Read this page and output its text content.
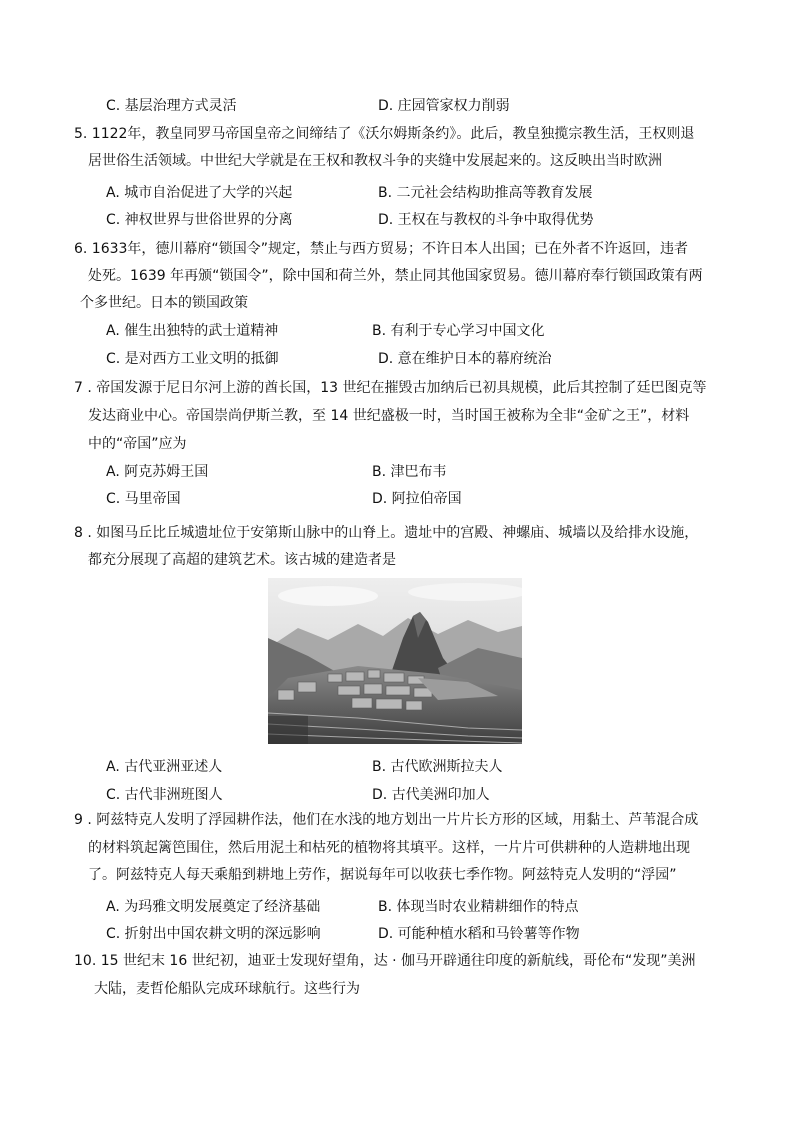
C. 基层治理方式灵活	D. 庄园管家权力削弱
5. 1122年，教皇同罗马帝国皇帝之间缔结了《沃尔姆斯条约》。此后，教皇独揽宗教生活，王权则退
居世俗生活领域。中世纪大学就是在王权和教权斗争的夹缝中发展起来的。这反映出当时欧洲
A. 城市自治促进了大学的兴起	B. 二元社会结构助推高等教育发展
C. 神权世界与世俗世界的分离	D. 王权在与教权的斗争中取得优势
6. 1633年，德川幕府“锁国令”规定，禁止与西方贸易；不许日本人出国；已在外者不许返回，违者
处死。1639 年再颁“锁国令”，除中国和荷兰外，禁止同其他国家贸易。德川幕府奉行锁国政策有两
个多世纪。日本的锁国政策
A. 催生出独特的武士道精神	B. 有利于专心学习中国文化
C. 是对西方工业文明的抵御	D. 意在维护日本的幕府统治
7 . 帝国发源于尼日尔河上游的酋长国，13 世纪在摧毁古加纳后已初具规模，此后其控制了廷巴图克等
发达商业中心。帝国崇尚伊斯兰教，至 14 世纪盛极一时，当时国王被称为全非“金矿之王”，材料
中的“帝国”应为
A. 阿克苏姆王国	B. 津巴布韦
C. 马里帝国	D. 阿拉伯帝国
8 . 如图马丘比丘城遗址位于安第斯山脉中的山脊上。遗址中的宫殿、神螺庙、城墙以及给排水设施，
都充分展现了高超的建筑艺术。该古城的建造者是
A. 古代亚洲亚述人	B. 古代欧洲斯拉夫人
C. 古代非洲班图人	D. 古代美洲印加人
9 . 阿兹特克人发明了浮园耕作法，他们在水浅的地方划出一片片长方形的区域，用黏土、芦苇混合成
的材料筑起篱笆围住，然后用泥土和枯死的植物将其填平。这样，一片片可供耕种的人造耕地出现
了。阿兹特克人每天乘船到耕地上劳作，据说每年可以收获七季作物。阿兹特克人发明的“浮园”
A. 为玛雅文明发展奠定了经济基础	B. 体现当时农业精耕细作的特点
C. 折射出中国农耕文明的深远影响	D. 可能种植水稻和马铃薯等作物
10. 15 世纪末 16 世纪初，迪亚士发现好望角，达 · 伽马开辟通往印度的新航线，哥伦布“发现”美洲
大陆，麦哲伦船队完成环球航行。这些行为
